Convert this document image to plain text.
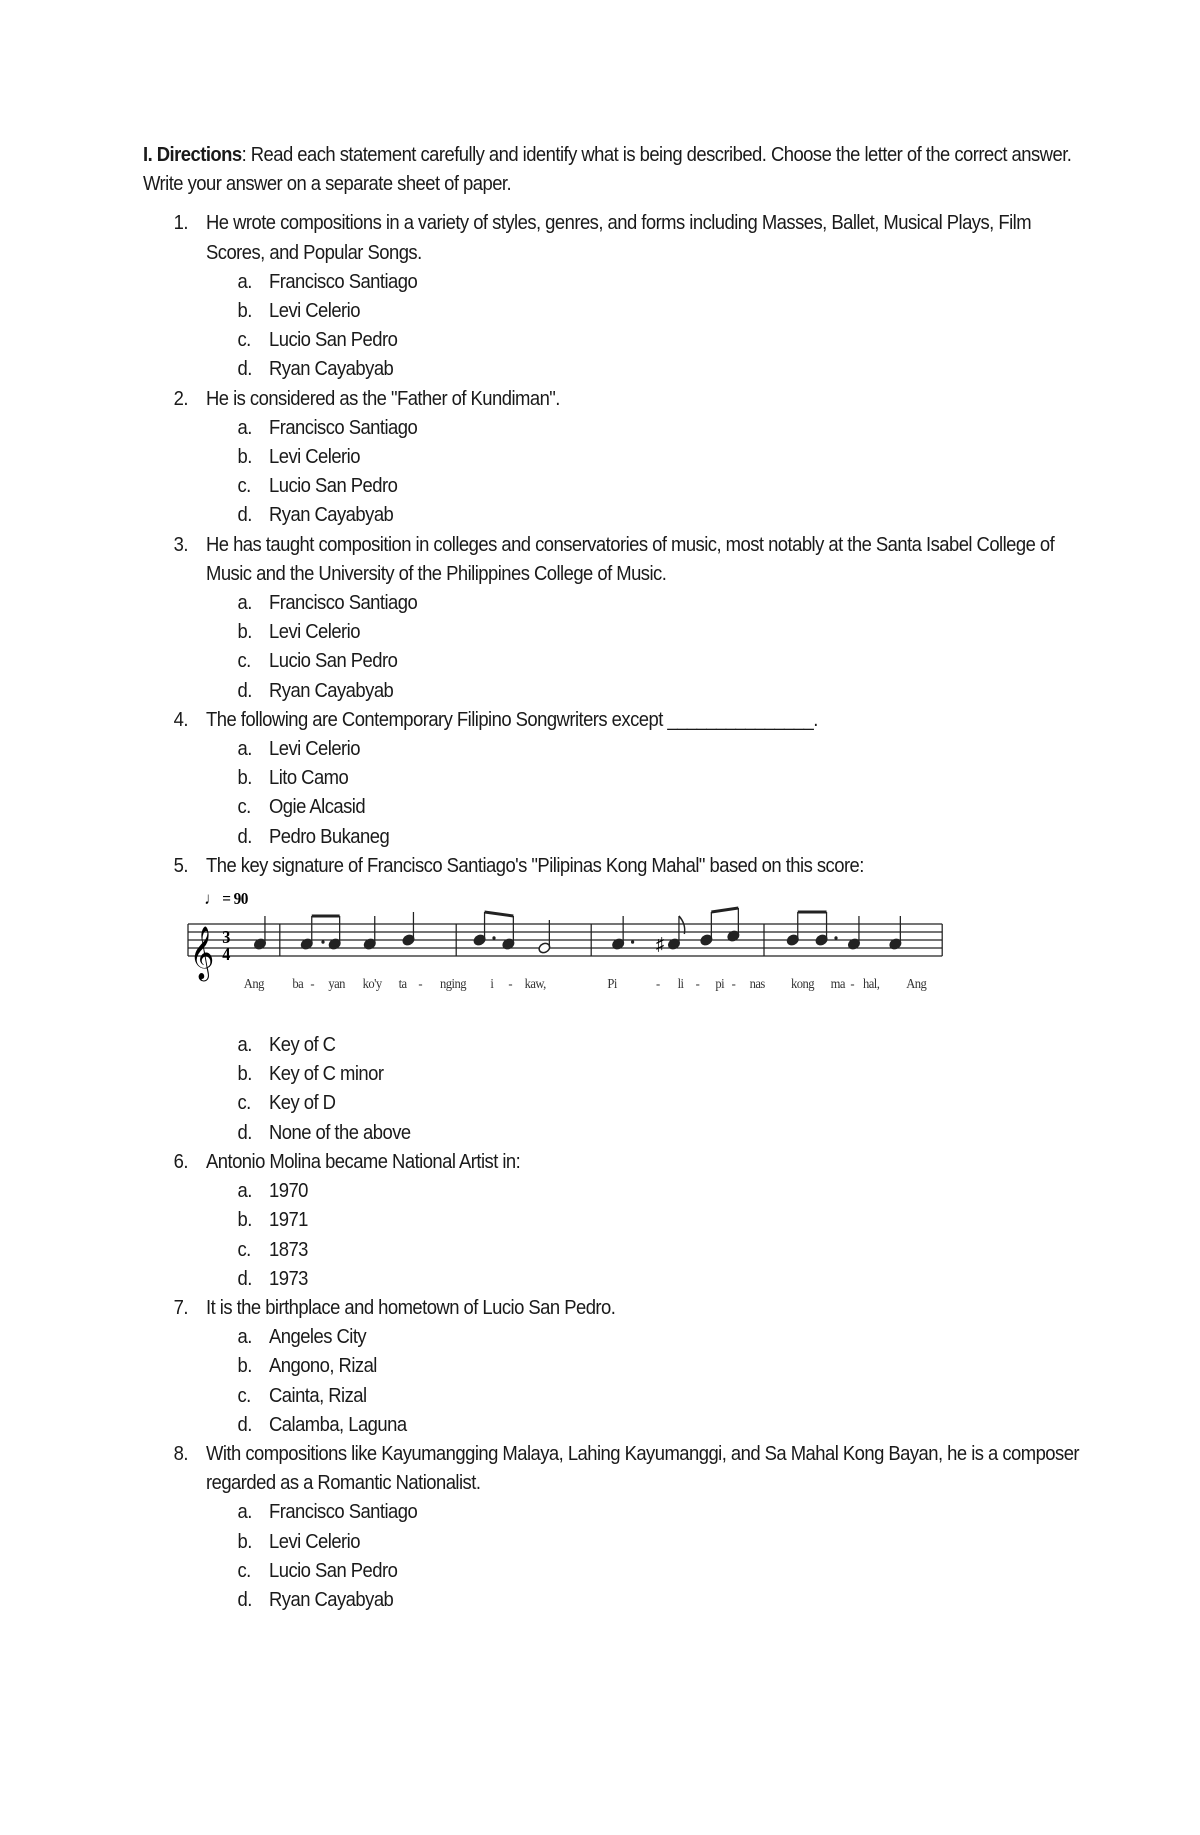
I. Directions: Read each statement carefully and identify what is being described. Choose the letter of the correct answer. Write your answer on a separate sheet of paper.

1. He wrote compositions in a variety of styles, genres, and forms including Masses, Ballet, Musical Plays, Film Scores, and Popular Songs.
a. Francisco Santiago
b. Levi Celerio
c. Lucio San Pedro
d. Ryan Cayabyab
2. He is considered as the "Father of Kundiman".
a. Francisco Santiago
b. Levi Celerio
c. Lucio San Pedro
d. Ryan Cayabyab
3. He has taught composition in colleges and conservatories of music, most notably at the Santa Isabel College of Music and the University of the Philippines College of Music.
a. Francisco Santiago
b. Levi Celerio
c. Lucio San Pedro
d. Ryan Cayabyab
4. The following are Contemporary Filipino Songwriters except _______________.
a. Levi Celerio
b. Lito Camo
c. Ogie Alcasid
d. Pedro Bukaneg
5. The key signature of Francisco Santiago's "Pilipinas Kong Mahal" based on this score:
♩ = 90
𝄞 3
4
♯
Ang ba - yan ko'y ta - nging i - kaw,	Pi	- li - pi - nas kong ma - hal, Ang
a. Key of C
b. Key of C minor
c. Key of D
d. None of the above
6. Antonio Molina became National Artist in:
a. 1970
b. 1971
c. 1873
d. 1973
7. It is the birthplace and hometown of Lucio San Pedro.
a. Angeles City
b. Angono, Rizal
c. Cainta, Rizal
d. Calamba, Laguna
8. With compositions like Kayumangging Malaya, Lahing Kayumanggi, and Sa Mahal Kong Bayan, he is a composer regarded as a Romantic Nationalist.
a. Francisco Santiago
b. Levi Celerio
c. Lucio San Pedro
d. Ryan Cayabyab
